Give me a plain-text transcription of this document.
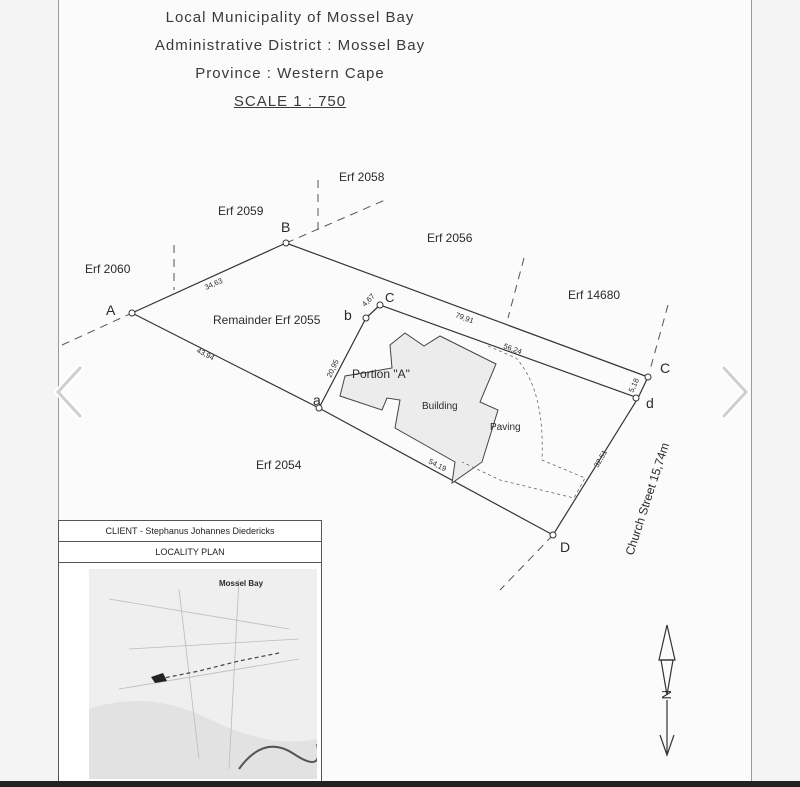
Local Municipality of Mossel Bay
Administrative District : Mossel Bay
Province : Western Cape
SCALE 1 : 750
Erf 2058
Erf 2059
Erf 2056
Erf 2060
Erf 14680
Remainder Erf 2055
Erf 2054
Portion "A"
Building
Paving
Church Street 15,74m
A
B
C
C
a
b
d
D
34,63
4,67
79,91
56,24
5,18
43,94
20,95
54,19	32,51
N
CLIENT - Stephanus Johannes Diedericks
LOCALITY PLAN
Mossel Bay
